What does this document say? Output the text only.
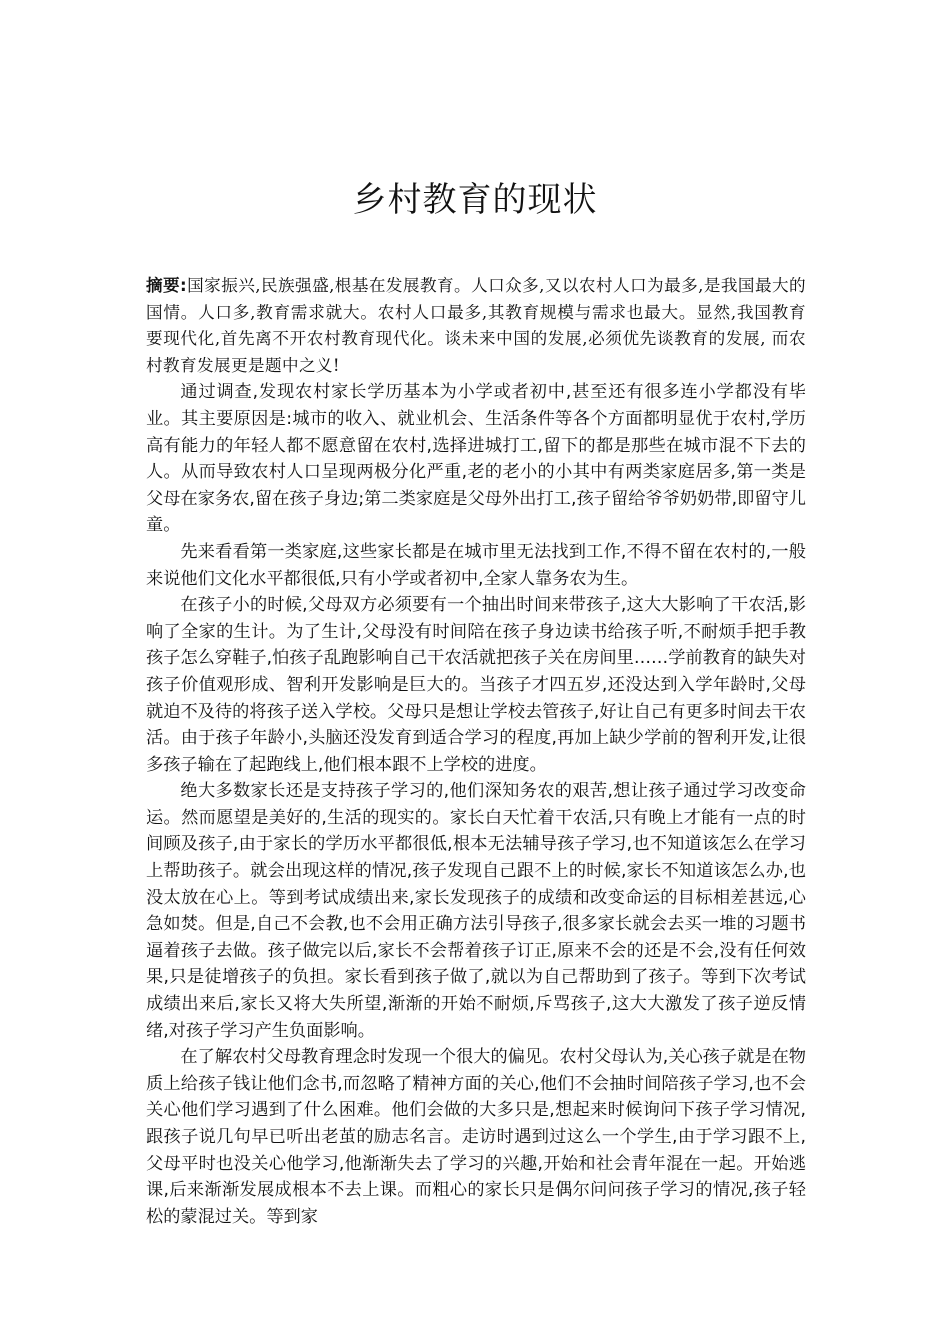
乡村教育的现状

摘要:国家振兴,民族强盛,根基在发展教育。人口众多,又以农村人口为最多,是我国最大的国情。人口多,教育需求就大。农村人口最多,其教育规模与需求也最大。显然,我国教育要现代化,首先离不开农村教育现代化。谈未来中国的发展,必须优先谈教育的发展, 而农村教育发展更是题中之义!

通过调查,发现农村家长学历基本为小学或者初中,甚至还有很多连小学都没有毕业。其主要原因是:城市的收入、就业机会、生活条件等各个方面都明显优于农村,学历高有能力的年轻人都不愿意留在农村,选择进城打工,留下的都是那些在城市混不下去的人。从而导致农村人口呈现两极分化严重,老的老小的小其中有两类家庭居多,第一类是父母在家务农,留在孩子身边;第二类家庭是父母外出打工,孩子留给爷爷奶奶带,即留守儿童。

先来看看第一类家庭,这些家长都是在城市里无法找到工作,不得不留在农村的,一般来说他们文化水平都很低,只有小学或者初中,全家人靠务农为生。

在孩子小的时候,父母双方必须要有一个抽出时间来带孩子,这大大影响了干农活,影响了全家的生计。为了生计,父母没有时间陪在孩子身边读书给孩子听,不耐烦手把手教孩子怎么穿鞋子,怕孩子乱跑影响自己干农活就把孩子关在房间里……学前教育的缺失对孩子价值观形成、智利开发影响是巨大的。当孩子才四五岁,还没达到入学年龄时,父母就迫不及待的将孩子送入学校。父母只是想让学校去管孩子,好让自己有更多时间去干农活。由于孩子年龄小,头脑还没发育到适合学习的程度,再加上缺少学前的智利开发,让很多孩子输在了起跑线上,他们根本跟不上学校的进度。

绝大多数家长还是支持孩子学习的,他们深知务农的艰苦,想让孩子通过学习改变命运。然而愿望是美好的,生活的现实的。家长白天忙着干农活,只有晚上才能有一点的时间顾及孩子,由于家长的学历水平都很低,根本无法辅导孩子学习,也不知道该怎么在学习上帮助孩子。就会出现这样的情况,孩子发现自己跟不上的时候,家长不知道该怎么办,也没太放在心上。等到考试成绩出来,家长发现孩子的成绩和改变命运的目标相差甚远,心急如焚。但是,自己不会教,也不会用正确方法引导孩子,很多家长就会去买一堆的习题书逼着孩子去做。孩子做完以后,家长不会帮着孩子订正,原来不会的还是不会,没有任何效果,只是徒增孩子的负担。家长看到孩子做了,就以为自己帮助到了孩子。等到下次考试成绩出来后,家长又将大失所望,渐渐的开始不耐烦,斥骂孩子,这大大激发了孩子逆反情绪,对孩子学习产生负面影响。

在了解农村父母教育理念时发现一个很大的偏见。农村父母认为,关心孩子就是在物质上给孩子钱让他们念书,而忽略了精神方面的关心,他们不会抽时间陪孩子学习,也不会关心他们学习遇到了什么困难。他们会做的大多只是,想起来时候询问下孩子学习情况,跟孩子说几句早已听出老茧的励志名言。走访时遇到过这么一个学生,由于学习跟不上,父母平时也没关心他学习,他渐渐失去了学习的兴趣,开始和社会青年混在一起。开始逃课,后来渐渐发展成根本不去上课。而粗心的家长只是偶尔问问孩子学习的情况,孩子轻松的蒙混过关。等到家
